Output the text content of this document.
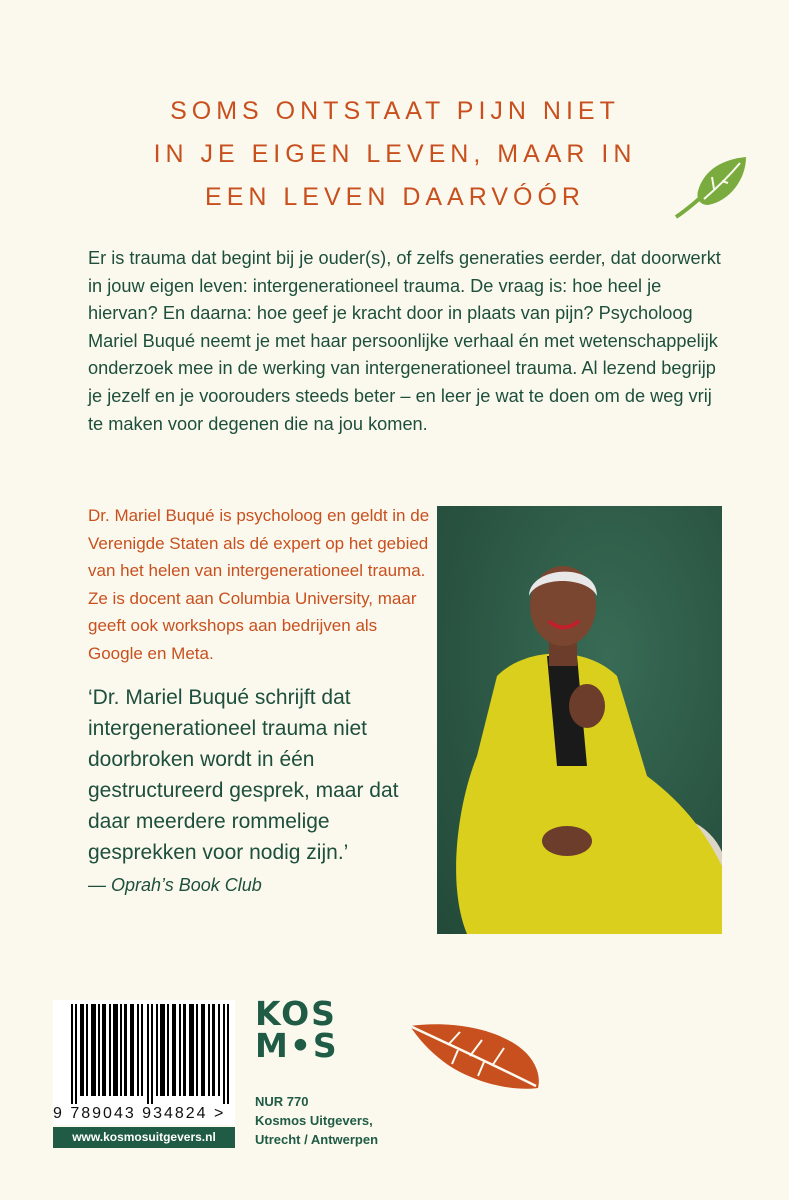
SOMS ONTSTAAT PIJN NIET
IN JE EIGEN LEVEN, MAAR IN
EEN LEVEN DAARVÓÓR
Er is trauma dat begint bij je ouder(s), of zelfs generaties eerder, dat doorwerkt in jouw eigen leven: intergenerationeel trauma. De vraag is: hoe heel je hiervan? En daarna: hoe geef je kracht door in plaats van pijn? Psycholoog Mariel Buqué neemt je met haar persoonlijke verhaal én met wetenschappelijk onderzoek mee in de werking van intergenerationeel trauma. Al lezend begrijp je jezelf en je voorouders steeds beter – en leer je wat te doen om de weg vrij te maken voor degenen die na jou komen.
Dr. Mariel Buqué is psycholoog en geldt in de Verenigde Staten als dé expert op het gebied van het helen van intergenerationeel trauma. Ze is docent aan Columbia University, maar geeft ook workshops aan bedrijven als Google en Meta.
‘Dr. Mariel Buqué schrijft dat intergenerationeel trauma niet doorbroken wordt in één gestructureerd gesprek, maar dat daar meerdere rommelige gesprekken voor nodig zijn.’
— Oprah’s Book Club
9 789043 934824 >
www.kosmosuitgevers.nl
KOS
M•S
NUR 770
Kosmos Uitgevers,
Utrecht / Antwerpen
